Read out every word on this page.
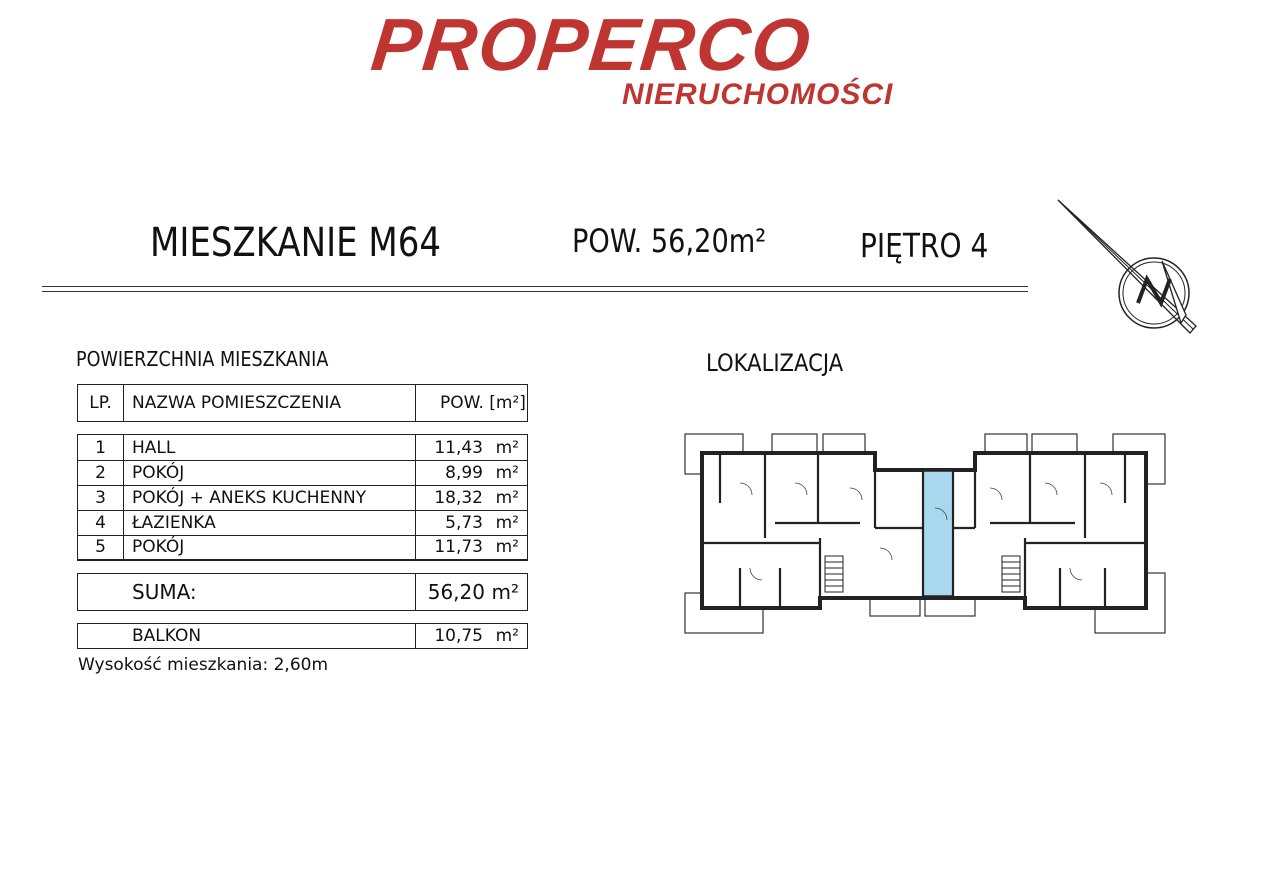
PROPERCO
NIERUCHOMOŚCI
MIESZKANIE M64	POW. 56,20m²	PIĘTRO 4
POWIERZCHNIA MIESZKANIA	LOKALIZACJA
LP.	NAZWA POMIESZCZENIA	POW. [m²]
1	HALL	11,43 m²
2	POKÓJ	8,99 m²
3	POKÓJ + ANEKS KUCHENNY	18,32 m²
4	ŁAZIENKA	5,73 m²
5	POKÓJ	11,73 m²
SUMA:	56,20 m²
BALKON	10,75 m²
Wysokość mieszkania: 2,60m
